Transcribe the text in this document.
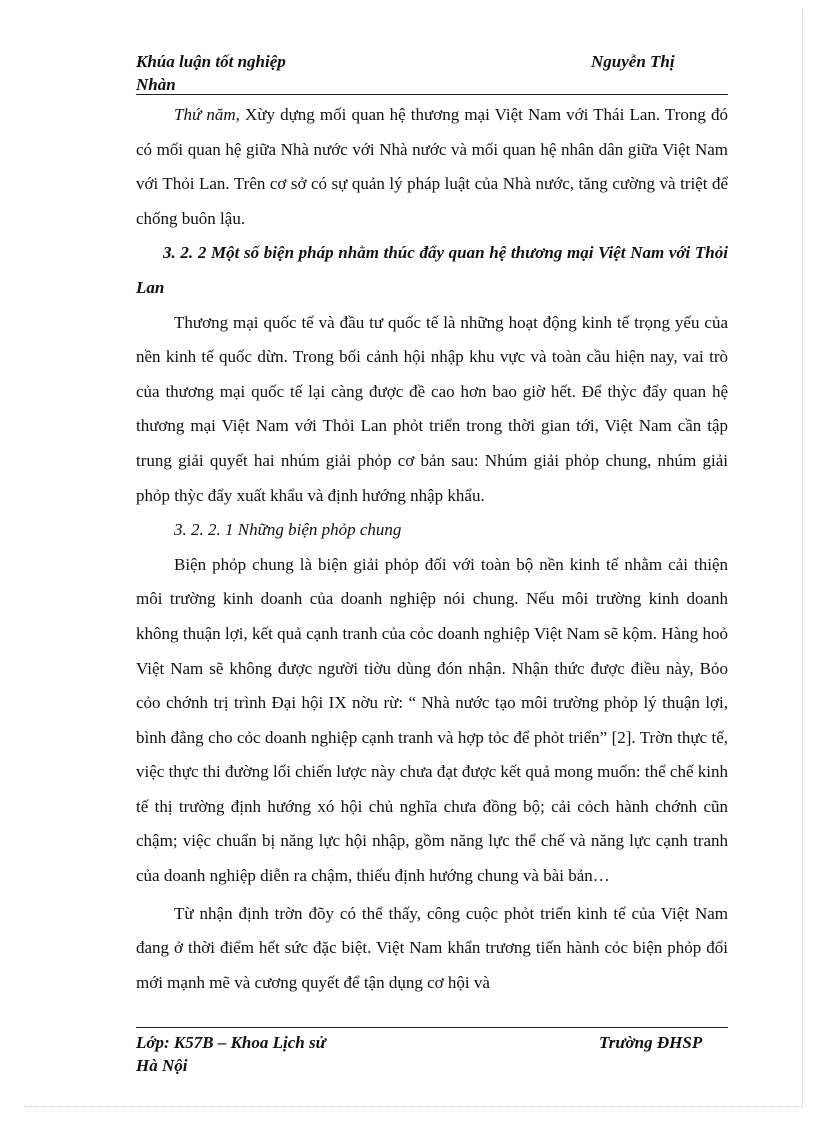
Khúa luận tốt nghiệp	Nguyễn Thị
Nhàn

Thứ năm, Xừy dựng mối quan hệ thương mại Việt Nam với Thái Lan. Trong đó có mối quan hệ giữa Nhà nước với Nhà nước và mối quan hệ nhân dân giữa Việt Nam với Thỏi Lan. Trên cơ sở có sự quản lý pháp luật của Nhà nước, tăng cường và triệt để chống buôn lậu.

3. 2. 2 Một số biện pháp nhằm thúc đẩy quan hệ thương mại Việt Nam với Thỏi Lan

Thương mại quốc tế và đầu tư quốc tế là những hoạt động kinh tế trọng yếu của nền kinh tế quốc dừn. Trong bối cảnh hội nhập khu vực và toàn cầu hiện nay, vai trò của thương mại quốc tế lại càng được đề cao hơn bao giờ hết. Để thỳc đẩy quan hệ thương mại Việt Nam với Thỏi Lan phỏt triển trong thời gian tới, Việt Nam cần tập trung giải quyết hai nhúm giải phỏp cơ bản sau: Nhúm giải phỏp chung, nhúm giải phỏp thỳc đẩy xuất khẩu và định hướng nhập khẩu.

3. 2. 2. 1 Những biện phỏp chung

Biện phỏp chung là biện giải phỏp đối với toàn bộ nền kinh tế nhằm cải thiện môi trường kinh doanh của doanh nghiệp nói chung. Nếu môi trường kinh doanh không thuận lợi, kết quả cạnh tranh của cỏc doanh nghiệp Việt Nam sẽ kộm. Hàng hoỏ Việt Nam sẽ không được người tiờu dùng đón nhận. Nhận thức được điều này, Bỏo cỏo chớnh trị trình Đại hội IX nờu rừ: “ Nhà nước tạo môi trường phỏp lý thuận lợi, bình đẳng cho cỏc doanh nghiệp cạnh tranh và hợp tỏc để phỏt triển” [2]. Trờn thực tế, việc thực thi đường lối chiến lược này chưa đạt được kết quả mong muốn: thể chế kinh tế thị trường định hướng xó hội chủ nghĩa chưa đồng bộ; cải cỏch hành chớnh cũn chậm; việc chuẩn bị năng lực hội nhập, gồm năng lực thể chế và năng lực cạnh tranh của doanh nghiệp diễn ra chậm, thiếu định hướng chung và bài bản…

Từ nhận định trờn đõy có thể thấy, công cuộc phỏt triển kinh tế của Việt Nam đang ở thời điểm hết sức đặc biệt. Việt Nam khẩn trương tiến hành cỏc biện phỏp đổi mới mạnh mẽ và cương quyết để tận dụng cơ hội và

Lớp: K57B – Khoa Lịch sử	Trường ĐHSP
Hà Nội
